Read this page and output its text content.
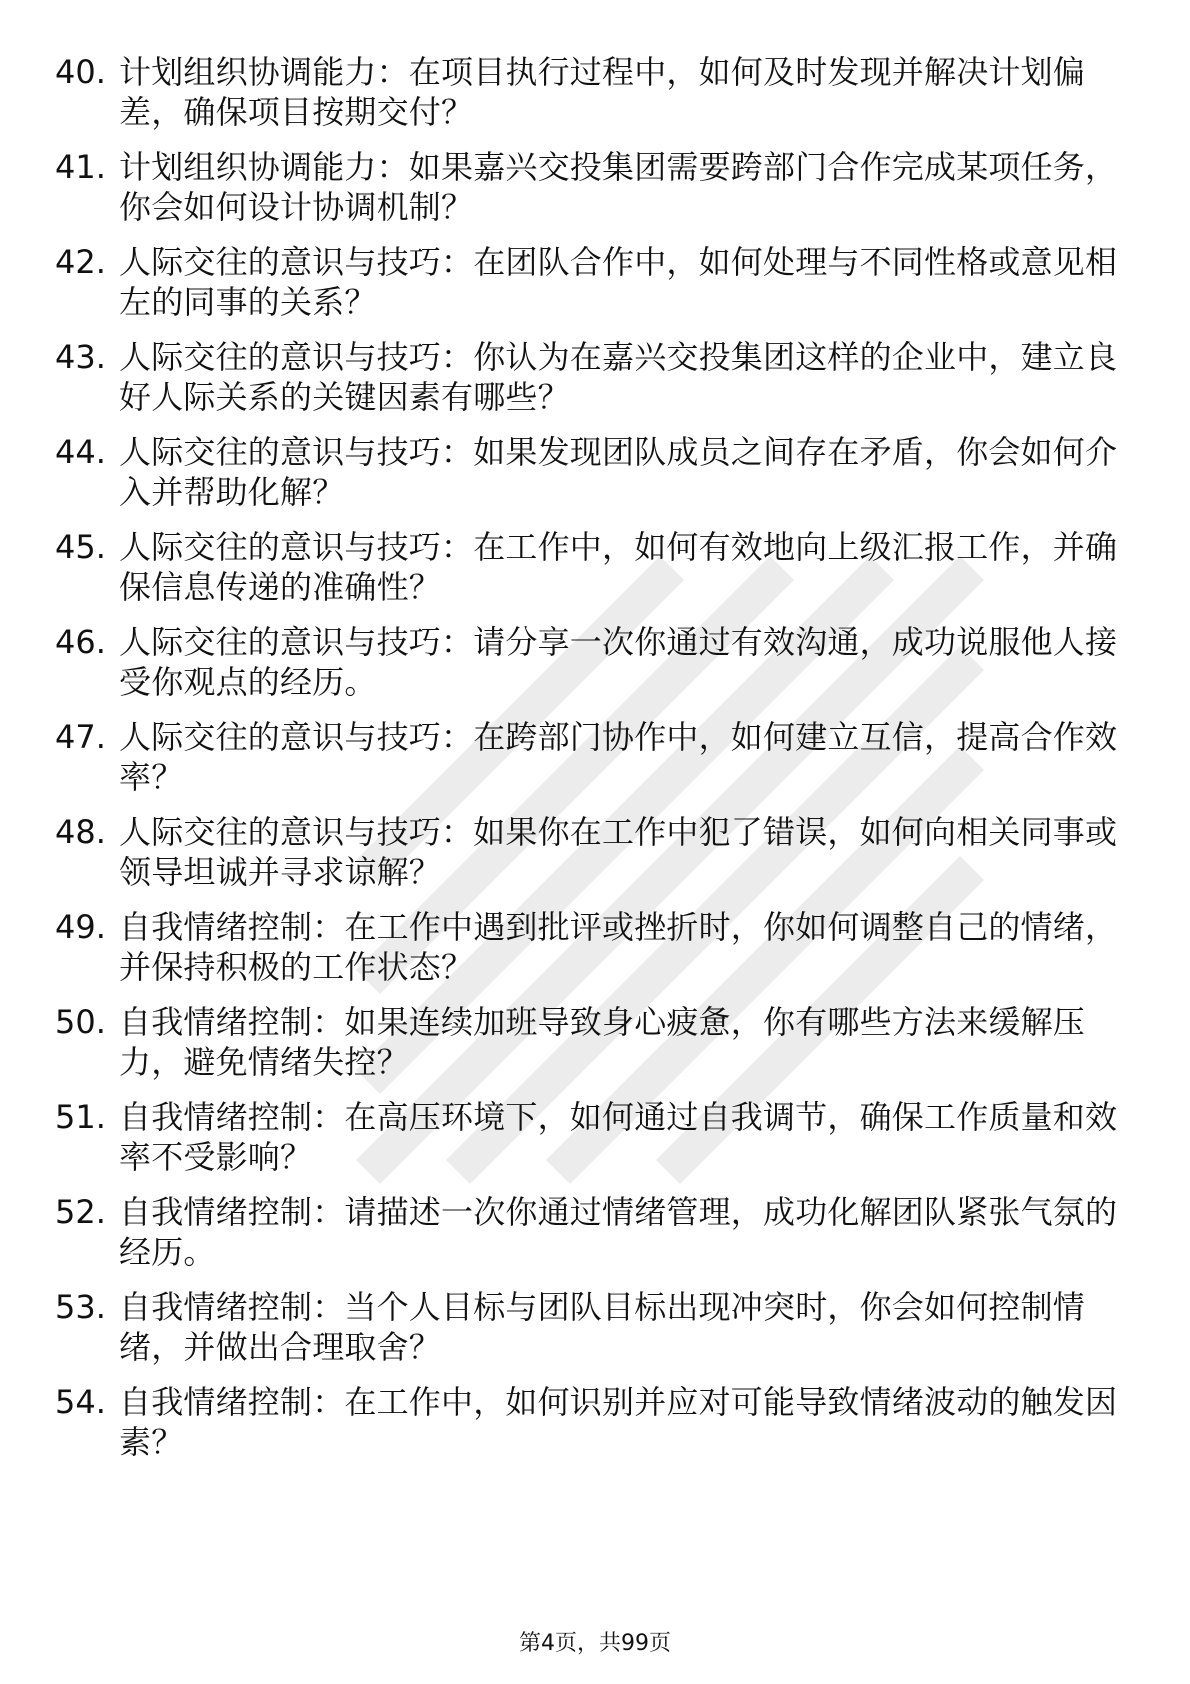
40. 计划组织协调能力：在项目执行过程中，如何及时发现并解决计划偏差，确保项目按期交付？
41. 计划组织协调能力：如果嘉兴交投集团需要跨部门合作完成某项任务，你会如何设计协调机制？
42. 人际交往的意识与技巧：在团队合作中，如何处理与不同性格或意见相左的同事的关系？
43. 人际交往的意识与技巧：你认为在嘉兴交投集团这样的企业中，建立良好人际关系的关键因素有哪些？
44. 人际交往的意识与技巧：如果发现团队成员之间存在矛盾，你会如何介入并帮助化解？
45. 人际交往的意识与技巧：在工作中，如何有效地向上级汇报工作，并确保信息传递的准确性？
46. 人际交往的意识与技巧：请分享一次你通过有效沟通，成功说服他人接受你观点的经历。
47. 人际交往的意识与技巧：在跨部门协作中，如何建立互信，提高合作效率？
48. 人际交往的意识与技巧：如果你在工作中犯了错误，如何向相关同事或领导坦诚并寻求谅解？
49. 自我情绪控制：在工作中遇到批评或挫折时，你如何调整自己的情绪，并保持积极的工作状态？
50. 自我情绪控制：如果连续加班导致身心疲惫，你有哪些方法来缓解压力，避免情绪失控？
51. 自我情绪控制：在高压环境下，如何通过自我调节，确保工作质量和效率不受影响？
52. 自我情绪控制：请描述一次你通过情绪管理，成功化解团队紧张气氛的经历。
53. 自我情绪控制：当个人目标与团队目标出现冲突时，你会如何控制情绪，并做出合理取舍？
54. 自我情绪控制：在工作中，如何识别并应对可能导致情绪波动的触发因素？
第4页，共99页
